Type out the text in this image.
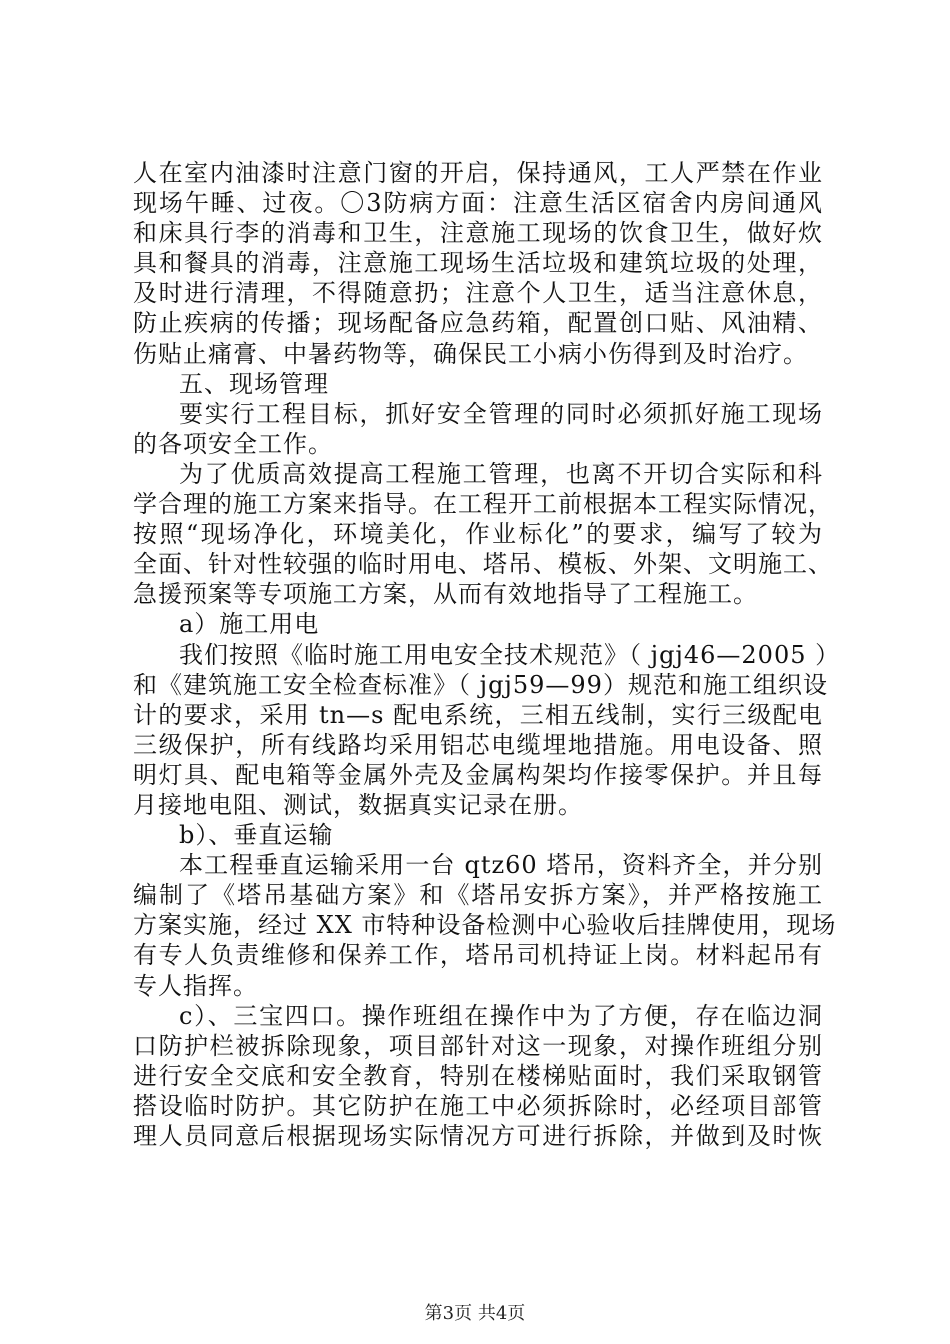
人在室内油漆时注意门窗的开启，保持通风，工人严禁在作业
现场午睡、过夜。〇3防病方面：注意生活区宿舍内房间通风
和床具行李的消毒和卫生，注意施工现场的饮食卫生，做好炊
具和餐具的消毒，注意施工现场生活垃圾和建筑垃圾的处理，
及时进行清理，不得随意扔；注意个人卫生，适当注意休息，
防止疾病的传播；现场配备应急药箱，配置创口贴、风油精、
伤贴止痛膏、中暑药物等，确保民工小病小伤得到及时治疗。
五、现场管理
要实行工程目标，抓好安全管理的同时必须抓好施工现场
的各项安全工作。
为了优质高效提高工程施工管理，也离不开切合实际和科
学合理的施工方案来指导。在工程开工前根据本工程实际情况，
按照“现场净化，环境美化，作业标化”的要求，编写了较为
全面、针对性较强的临时用电、塔吊、模板、外架、文明施工、
急援预案等专项施工方案，从而有效地指导了工程施工。
a）施工用电
我们按照《临时施工用电安全技术规范》（ jgj46—2005 ）
和《建筑施工安全检查标准》（ jgj59—99）规范和施工组织设
计的要求，采用 tn—s 配电系统，三相五线制，实行三级配电
三级保护，所有线路均采用铝芯电缆埋地措施。用电设备、照
明灯具、配电箱等金属外壳及金属构架均作接零保护。并且每
月接地电阻、测试，数据真实记录在册。
b）、垂直运输
本工程垂直运输采用一台 qtz60 塔吊，资料齐全，并分别
编制了《塔吊基础方案》和《塔吊安拆方案》，并严格按施工
方案实施，经过 XX 市特种设备检测中心验收后挂牌使用，现场
有专人负责维修和保养工作，塔吊司机持证上岗。材料起吊有
专人指挥。
c）、三宝四口。操作班组在操作中为了方便，存在临边洞
口防护栏被拆除现象，项目部针对这一现象，对操作班组分别
进行安全交底和安全教育，特别在楼梯贴面时，我们采取钢管
搭设临时防护。其它防护在施工中必须拆除时，必经项目部管
理人员同意后根据现场实际情况方可进行拆除，并做到及时恢
第3页 共4页
